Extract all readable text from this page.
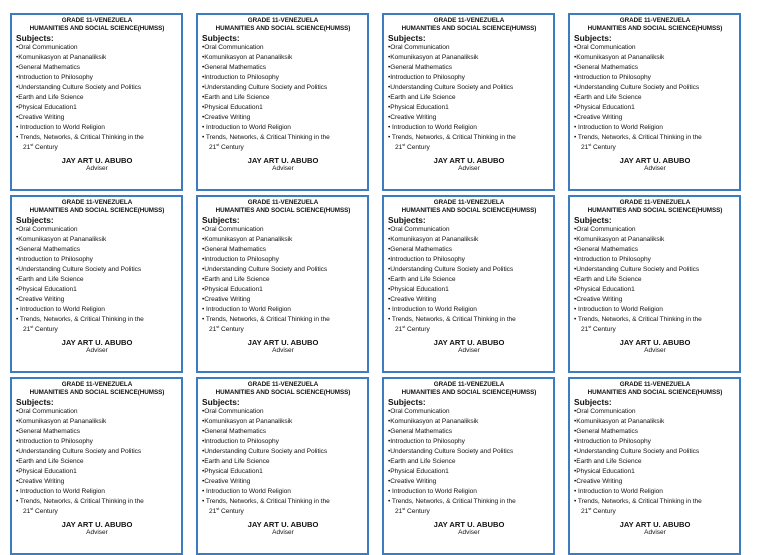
GRADE 11-VENEZUELA
HUMANITIES AND SOCIAL SCIENCE(HUMSS)
Subjects:
•Oral Communication
•Komunikasyon at Pananaliksik
•General Mathematics
•Introduction to Philosophy
•Understanding Culture Society and Politics
•Earth and Life Science
•Physical Education1
•Creative Writing
• Introduction to World Religion
• Trends, Networks, & Critical Thinking in the
21st Century
JAY ART U. ABUBO
Adviser
GRADE 11-VENEZUELA
HUMANITIES AND SOCIAL SCIENCE(HUMSS)
Subjects:
•Oral Communication
•Komunikasyon at Pananaliksik
•General Mathematics
•Introduction to Philosophy
•Understanding Culture Society and Politics
•Earth and Life Science
•Physical Education1
•Creative Writing
• Introduction to World Religion
• Trends, Networks, & Critical Thinking in the
21st Century
JAY ART U. ABUBO
Adviser
GRADE 11-VENEZUELA
HUMANITIES AND SOCIAL SCIENCE(HUMSS)
Subjects:
•Oral Communication
•Komunikasyon at Pananaliksik
•General Mathematics
•Introduction to Philosophy
•Understanding Culture Society and Politics
•Earth and Life Science
•Physical Education1
•Creative Writing
• Introduction to World Religion
• Trends, Networks, & Critical Thinking in the
21st Century
JAY ART U. ABUBO
Adviser
GRADE 11-VENEZUELA
HUMANITIES AND SOCIAL SCIENCE(HUMSS)
Subjects:
•Oral Communication
•Komunikasyon at Pananaliksik
•General Mathematics
•Introduction to Philosophy
•Understanding Culture Society and Politics
•Earth and Life Science
•Physical Education1
•Creative Writing
• Introduction to World Religion
• Trends, Networks, & Critical Thinking in the
21st Century
JAY ART U. ABUBO
Adviser
GRADE 11-VENEZUELA
HUMANITIES AND SOCIAL SCIENCE(HUMSS)
Subjects:
•Oral Communication
•Komunikasyon at Pananaliksik
•General Mathematics
•Introduction to Philosophy
•Understanding Culture Society and Politics
•Earth and Life Science
•Physical Education1
•Creative Writing
• Introduction to World Religion
• Trends, Networks, & Critical Thinking in the
21st Century
JAY ART U. ABUBO
Adviser
GRADE 11-VENEZUELA
HUMANITIES AND SOCIAL SCIENCE(HUMSS)
Subjects:
•Oral Communication
•Komunikasyon at Pananaliksik
•General Mathematics
•Introduction to Philosophy
•Understanding Culture Society and Politics
•Earth and Life Science
•Physical Education1
•Creative Writing
• Introduction to World Religion
• Trends, Networks, & Critical Thinking in the
21st Century
JAY ART U. ABUBO
Adviser
GRADE 11-VENEZUELA
HUMANITIES AND SOCIAL SCIENCE(HUMSS)
Subjects:
•Oral Communication
•Komunikasyon at Pananaliksik
•General Mathematics
•Introduction to Philosophy
•Understanding Culture Society and Politics
•Earth and Life Science
•Physical Education1
•Creative Writing
• Introduction to World Religion
• Trends, Networks, & Critical Thinking in the
21st Century
JAY ART U. ABUBO
Adviser
GRADE 11-VENEZUELA
HUMANITIES AND SOCIAL SCIENCE(HUMSS)
Subjects:
•Oral Communication
•Komunikasyon at Pananaliksik
•General Mathematics
•Introduction to Philosophy
•Understanding Culture Society and Politics
•Earth and Life Science
•Physical Education1
•Creative Writing
• Introduction to World Religion
• Trends, Networks, & Critical Thinking in the
21st Century
JAY ART U. ABUBO
Adviser
GRADE 11-VENEZUELA
HUMANITIES AND SOCIAL SCIENCE(HUMSS)
Subjects:
•Oral Communication
•Komunikasyon at Pananaliksik
•General Mathematics
•Introduction to Philosophy
•Understanding Culture Society and Politics
•Earth and Life Science
•Physical Education1
•Creative Writing
• Introduction to World Religion
• Trends, Networks, & Critical Thinking in the
21st Century
JAY ART U. ABUBO
Adviser
GRADE 11-VENEZUELA
HUMANITIES AND SOCIAL SCIENCE(HUMSS)
Subjects:
•Oral Communication
•Komunikasyon at Pananaliksik
•General Mathematics
•Introduction to Philosophy
•Understanding Culture Society and Politics
•Earth and Life Science
•Physical Education1
•Creative Writing
• Introduction to World Religion
• Trends, Networks, & Critical Thinking in the
21st Century
JAY ART U. ABUBO
Adviser
GRADE 11-VENEZUELA
HUMANITIES AND SOCIAL SCIENCE(HUMSS)
Subjects:
•Oral Communication
•Komunikasyon at Pananaliksik
•General Mathematics
•Introduction to Philosophy
•Understanding Culture Society and Politics
•Earth and Life Science
•Physical Education1
•Creative Writing
• Introduction to World Religion
• Trends, Networks, & Critical Thinking in the
21st Century
JAY ART U. ABUBO
Adviser
GRADE 11-VENEZUELA
HUMANITIES AND SOCIAL SCIENCE(HUMSS)
Subjects:
•Oral Communication
•Komunikasyon at Pananaliksik
•General Mathematics
•Introduction to Philosophy
•Understanding Culture Society and Politics
•Earth and Life Science
•Physical Education1
•Creative Writing
• Introduction to World Religion
• Trends, Networks, & Critical Thinking in the
21st Century
JAY ART U. ABUBO
Adviser
